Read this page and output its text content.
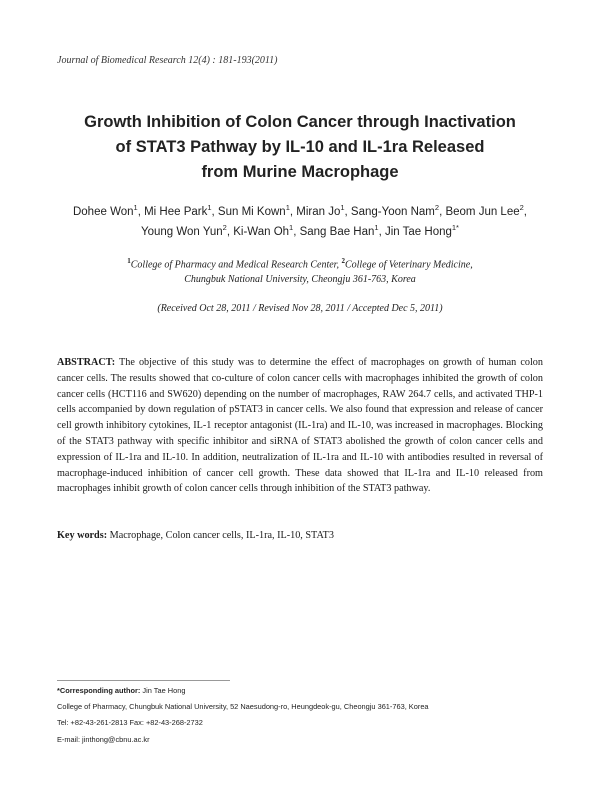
Journal of Biomedical Research 12(4) : 181-193(2011)
Growth Inhibition of Colon Cancer through Inactivation
of STAT3 Pathway by IL-10 and IL-1ra Released
from Murine Macrophage
Dohee Won$^1$, Mi Hee Park$^1$, Sun Mi Kown$^1$, Miran Jo$^1$, Sang-Yoon Nam$^2$, Beom Jun Lee$^2$,
Young Won Yun$^2$, Ki-Wan Oh$^1$, Sang Bae Han$^1$, Jin Tae Hong$^{1*}$
$^1$College of Pharmacy and Medical Research Center, $^2$College of Veterinary Medicine,
Chungbuk National University, Cheongju 361-763, Korea
(Received Oct 28, 2011 / Revised Nov 28, 2011 / Accepted Dec 5, 2011)
ABSTRACT: The objective of this study was to determine the effect of macrophages on growth of human colon cancer cells. The results showed that co-culture of colon cancer cells with macrophages inhibited the growth of colon cancer cells (HCT116 and SW620) depending on the number of macrophages, RAW 264.7 cells, and activated THP-1 cells accompanied by down regulation of pSTAT3 in cancer cells. We also found that expression and release of cancer cell growth inhibitory cytokines, IL-1 receptor antagonist (IL-1ra) and IL-10, was increased in macrophages. Blocking of the STAT3 pathway with specific inhibitor and siRNA of STAT3 abolished the growth of colon cancer cells and expression of IL-1ra and IL-10. In addition, neutralization of IL-1ra and IL-10 with antibodies resulted in reversal of macrophage-induced inhibition of cancer cell growth. These data showed that IL-1ra and IL-10 released from macrophages inhibit growth of colon cancer cells through inhibition of the STAT3 pathway.
Key words: Macrophage, Colon cancer cells, IL-1ra, IL-10, STAT3
*Corresponding author: Jin Tae Hong
College of Pharmacy, Chungbuk National University, 52 Naesudong-ro, Heungdeok-gu, Cheongju 361-763, Korea
Tel: +82-43-261-2813 Fax: +82-43-268-2732
E-mail: jinthong@cbnu.ac.kr
